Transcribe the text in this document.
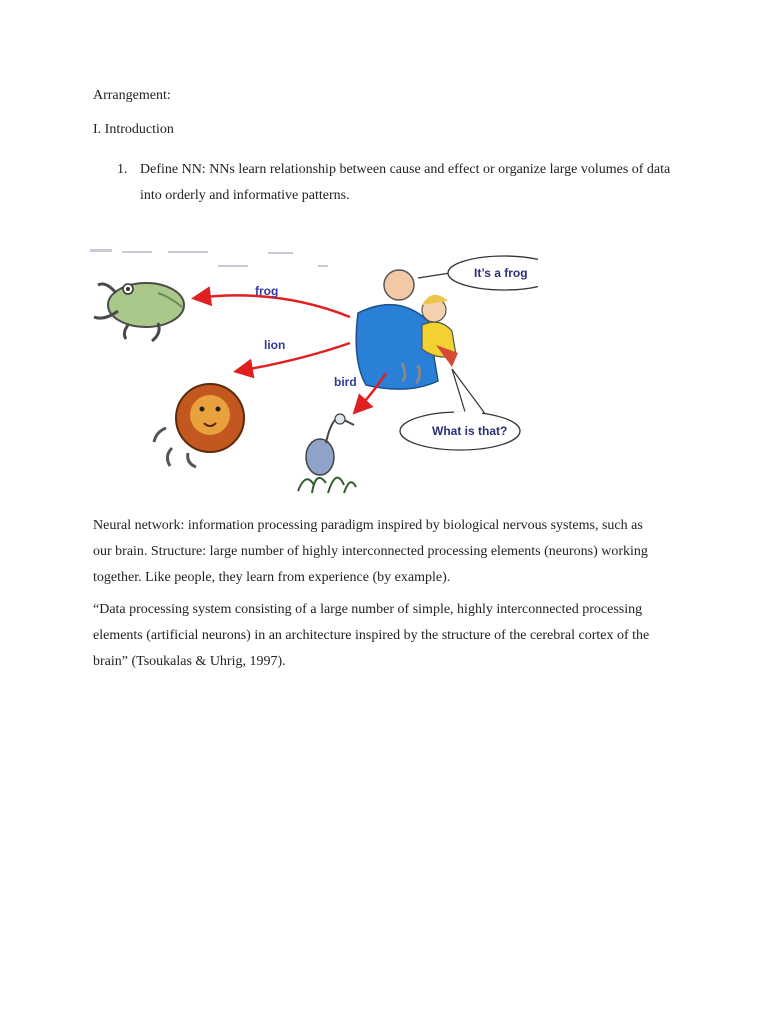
Arrangement:
I. Introduction
1. Define NN: NNs learn relationship between cause and effect or organize large volumes of data into orderly and informative patterns.
frog
lion
bird
It’s a frog
What is that?
Neural network: information processing paradigm inspired by biological nervous systems, such as our brain. Structure: large number of highly interconnected processing elements (neurons) working together. Like people, they learn from experience (by example).
“Data processing system consisting of a large number of simple, highly interconnected processing elements (artificial neurons) in an architecture inspired by the structure of the cerebral cortex of the brain” (Tsoukalas & Uhrig, 1997).
